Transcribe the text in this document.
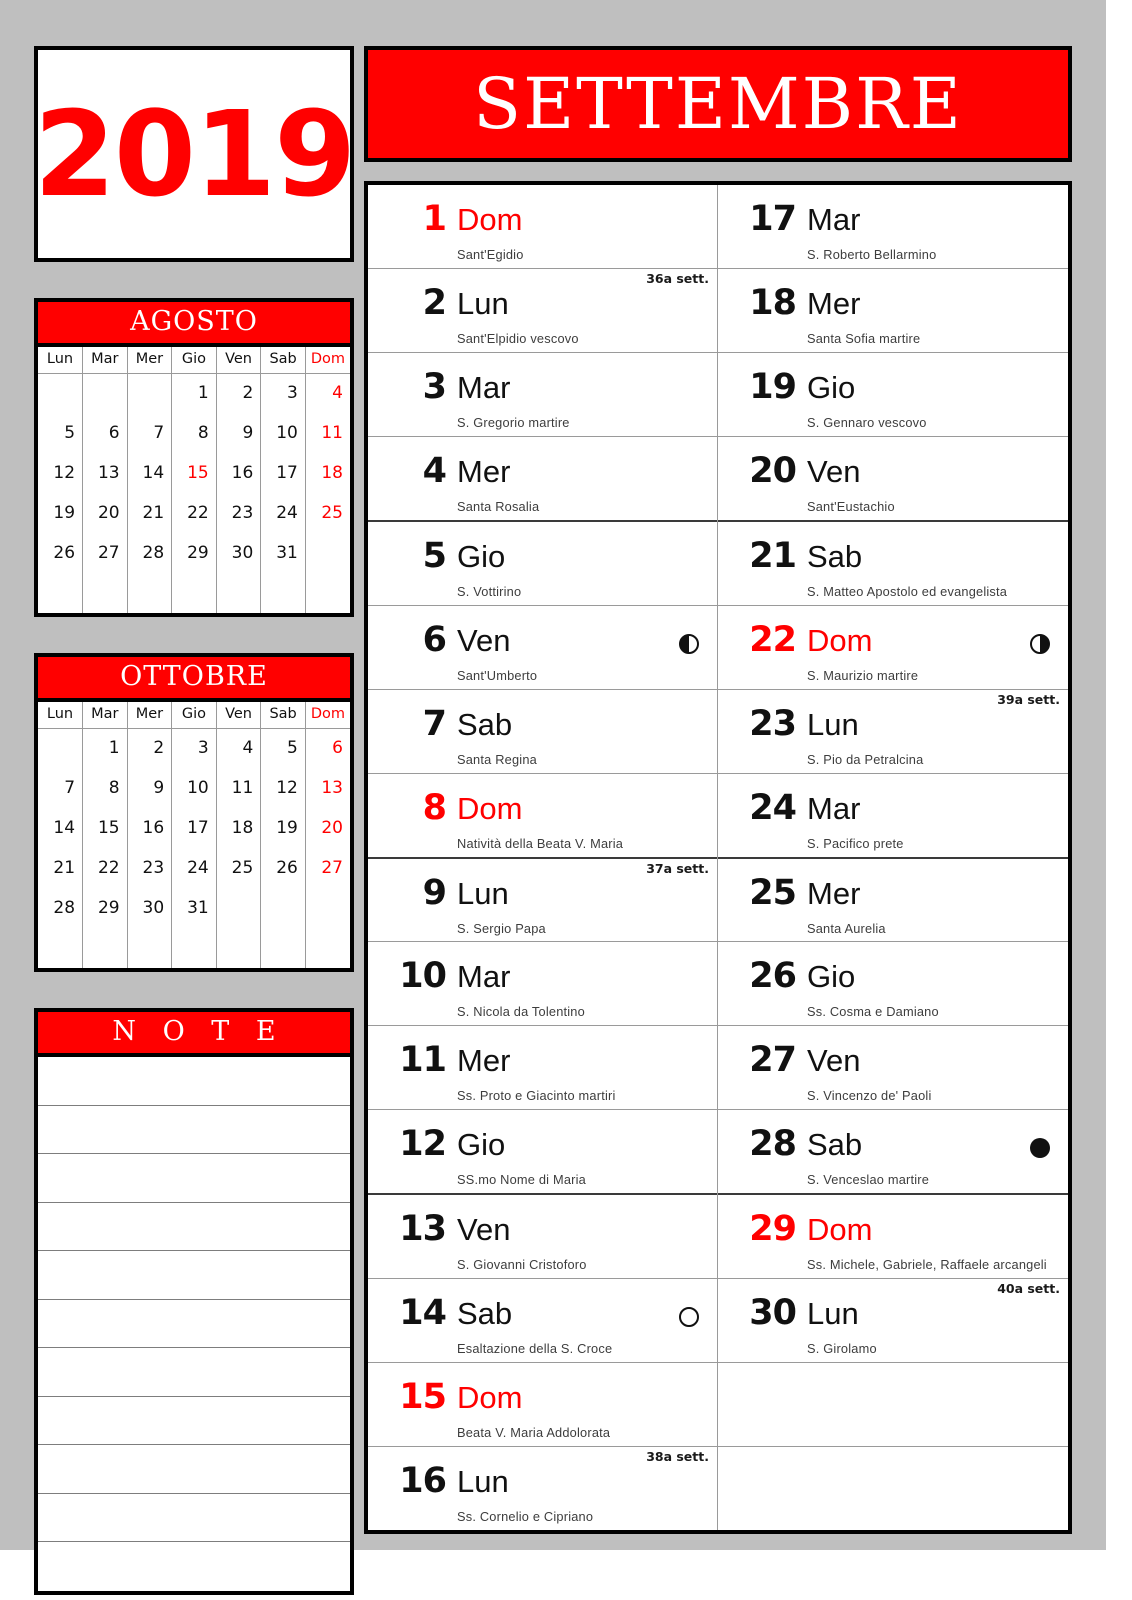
2019
AGOSTO
Lun	Mar	Mer	Gio	Ven	Sab	Dom
			1	2	3	4
5	6	7	8	9	10	11
12	13	14	15	16	17	18
19	20	21	22	23	24	25
26	27	28	29	30	31	

OTTOBRE
Lun	Mar	Mer	Gio	Ven	Sab	Dom
	1	2	3	4	5	6
7	8	9	10	11	12	13
14	15	16	17	18	19	20
21	22	23	24	25	26	27
28	29	30	31			

N O T E
SETTEMBRE
1 Dom
Sant'Egidio
36a sett.
2 Lun
Sant'Elpidio vescovo
3 Mar
S. Gregorio martire
4 Mer
Santa Rosalia
5 Gio
S. Vottirino
6 Ven
Sant'Umberto
7 Sab
Santa Regina
8 Dom
Natività della Beata V. Maria
37a sett.
9 Lun
S. Sergio Papa
10 Mar
S. Nicola da Tolentino
11 Mer
Ss. Proto e Giacinto martiri
12 Gio
SS.mo Nome di Maria
13 Ven
S. Giovanni Cristoforo
14 Sab
Esaltazione della S. Croce
15 Dom
Beata V. Maria Addolorata
38a sett.
16 Lun
Ss. Cornelio e Cipriano
17 Mar
S. Roberto Bellarmino
18 Mer
Santa Sofia martire
19 Gio
S. Gennaro vescovo
20 Ven
Sant'Eustachio
21 Sab
S. Matteo Apostolo ed evangelista
22 Dom
S. Maurizio martire
39a sett.
23 Lun
S. Pio da Petralcina
24 Mar
S. Pacifico prete
25 Mer
Santa Aurelia
26 Gio
Ss. Cosma e Damiano
27 Ven
S. Vincenzo de' Paoli
28 Sab
S. Venceslao martire
29 Dom
Ss. Michele, Gabriele, Raffaele arcangeli
40a sett.
30 Lun
S. Girolamo
